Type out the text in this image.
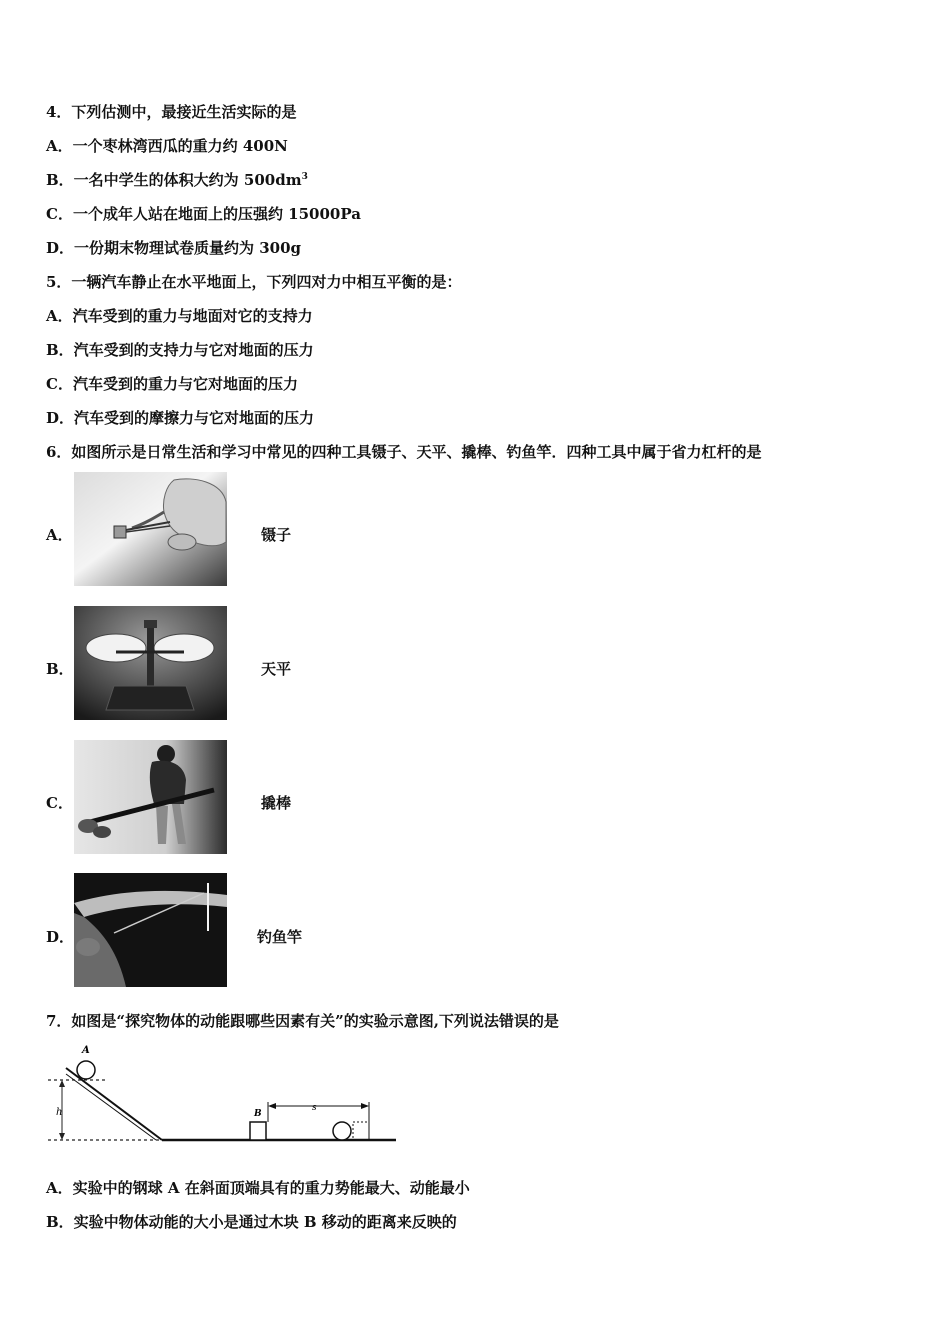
4．下列估测中，最接近生活实际的是
A．一个枣林湾西瓜的重力约 400N
B．一名中学生的体积大约为 $500dm^3$
C．一个成年人站在地面上的压强约 15000Pa
D．一份期末物理试卷质量约为 300g
5．一辆汽车静止在水平地面上，下列四对力中相互平衡的是：
A．汽车受到的重力与地面对它的支持力
B．汽车受到的支持力与它对地面的压力
C．汽车受到的重力与它对地面的压力
D．汽车受到的摩擦力与它对地面的压力
6．如图所示是日常生活和学习中常见的四种工具镊子、天平、撬棒、钓鱼竿．四种工具中属于省力杠杆的是
A．	镊子
B．	天平
C．	撬棒
D．	钓鱼竿
7．如图是“探究物体的动能跟哪些因素有关”的实验示意图,下列说法错误的是
h
A
B
s
A．实验中的钢球 A 在斜面顶端具有的重力势能最大、动能最小
B．实验中物体动能的大小是通过木块 B 移动的距离来反映的
